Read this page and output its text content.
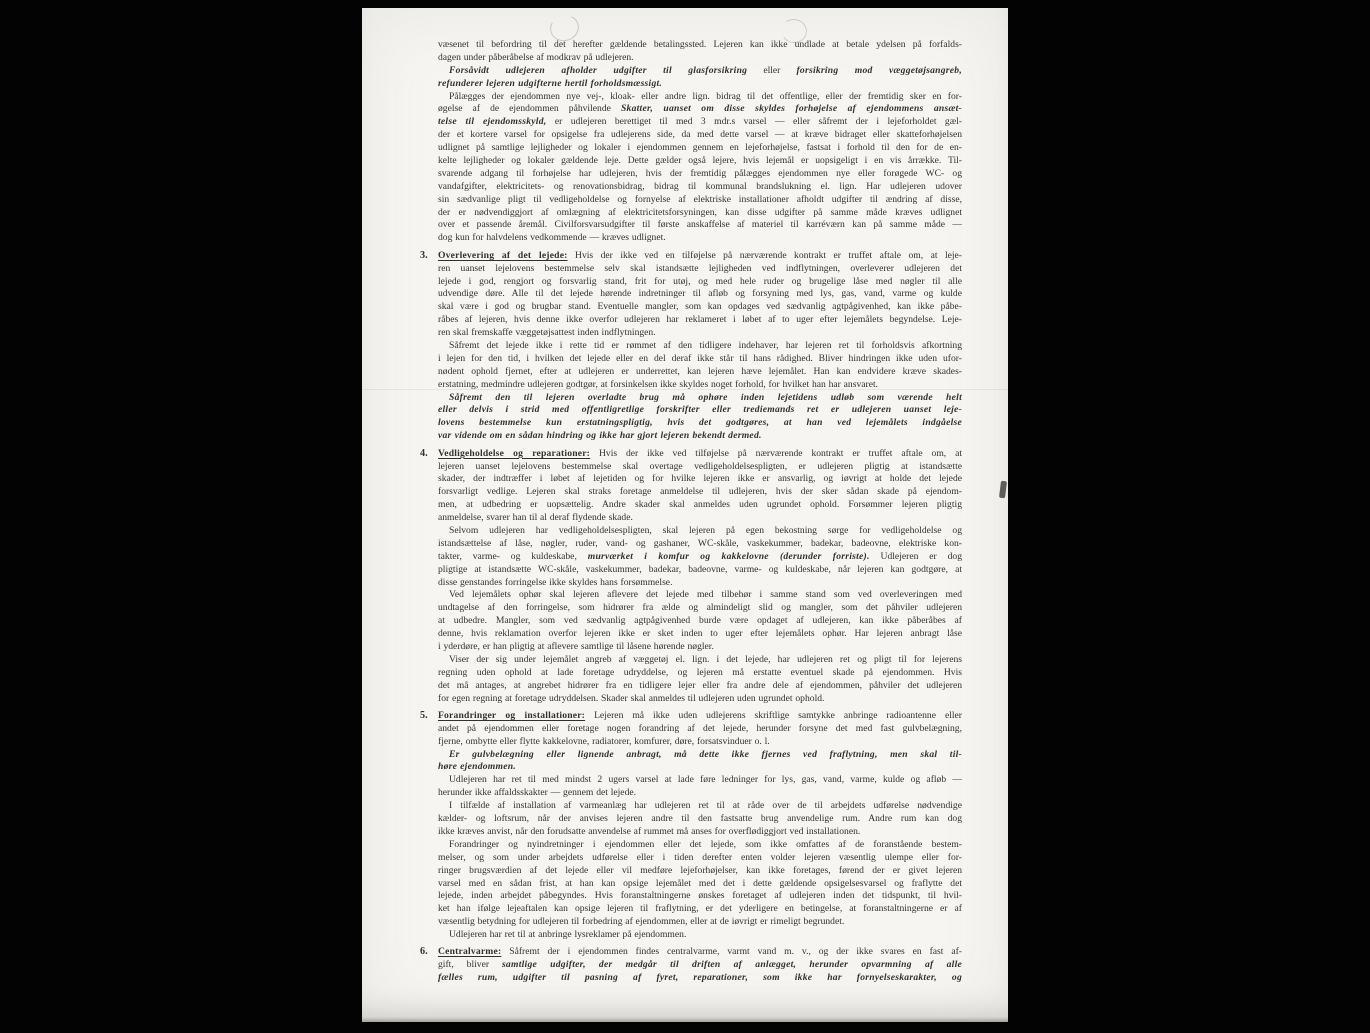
væsenet til befordring til det herefter gældende betalingssted. Lejeren kan ikke undlade at betale ydelsen på forfalds-
dagen under påberåbelse af modkrav på udlejeren.
Forsåvidt udlejeren afholder udgifter til glasforsikring eller forsikring mod væggetøjsangreb,
refunderer lejeren udgifterne hertil forholdsmæssigt.
Pålægges der ejendommen nye vej-, kloak- eller andre lign. bidrag til det offentlige, eller der fremtidig sker en for-
øgelse af de ejendommen påhvilende Skatter, uanset om disse skyldes forhøjelse af ejendommens ansæt-
telse til ejendomsskyld, er udlejeren berettiget til med 3 mdr.s varsel — eller såfremt der i lejeforholdet gæl-
der et kortere varsel for opsigelse fra udlejerens side, da med dette varsel — at kræve bidraget eller skatteforhøjelsen
udlignet på samtlige lejligheder og lokaler i ejendommen gennem en lejeforhøjelse, fastsat i forhold til den for de en-
kelte lejligheder og lokaler gældende leje. Dette gælder også lejere, hvis lejemål er uopsigeligt i en vis årrække. Til-
svarende adgang til forhøjelse har udlejeren, hvis der fremtidig pålægges ejendommen nye eller forøgede WC- og
vandafgifter, elektricitets- og renovationsbidrag, bidrag til kommunal brandslukning el. lign. Har udlejeren udover
sin sædvanlige pligt til vedligeholdelse og fornyelse af elektriske installationer afholdt udgifter til ændring af disse,
der er nødvendiggjort af omlægning af elektricitetsforsyningen, kan disse udgifter på samme måde kræves udlignet
over et passende åremål. Civilforsvarsudgifter til første anskaffelse af materiel til karréværn kan på samme måde —
dog kun for halvdelens vedkommende — kræves udlignet.
3. Overlevering af det lejede: Hvis der ikke ved en tilføjelse på nærværende kontrakt er truffet aftale om, at leje-
ren uanset lejelovens bestemmelse selv skal istandsætte lejligheden ved indflytningen, overleverer udlejeren det
lejede i god, rengjort og forsvarlig stand, frit for utøj, og med hele ruder og brugelige låse med nøgler til alle
udvendige døre. Alle til det lejede hørende indretninger til afløb og forsyning med lys, gas, vand, varme og kulde
skal være i god og brugbar stand. Eventuelle mangler, som kan opdages ved sædvanlig agtpågivenhed, kan ikke påbe-
råbes af lejeren, hvis denne ikke overfor udlejeren har reklameret i løbet af to uger efter lejemålets begyndelse. Leje-
ren skal fremskaffe væggetøjsattest inden indflytningen.
Såfremt det lejede ikke i rette tid er rømmet af den tidligere indehaver, har lejeren ret til forholdsvis afkortning
i lejen for den tid, i hvilken det lejede eller en del deraf ikke står til hans rådighed. Bliver hindringen ikke uden ufor-
nødent ophold fjernet, efter at udlejeren er underrettet, kan lejeren hæve lejemålet. Han kan endvidere kræve skades-
erstatning, medmindre udlejeren godtgør, at forsinkelsen ikke skyldes noget forhold, for hvilket han har ansvaret.
Såfremt den til lejeren overladte brug må ophøre inden lejetidens udløb som værende helt
eller delvis i strid med offentligretlige forskrifter eller trediemands ret er udlejeren uanset leje-
lovens bestemmelse kun erstatningspligtig, hvis det godtgøres, at han ved lejemålets indgåelse
var vidende om en sådan hindring og ikke har gjort lejeren bekendt dermed.
4. Vedligeholdelse og reparationer: Hvis der ikke ved tilføjelse på nærværende kontrakt er truffet aftale om, at
lejeren uanset lejelovens bestemmelse skal overtage vedligeholdelsespligten, er udlejeren pligtig at istandsætte
skader, der indtræffer i løbet af lejetiden og for hvilke lejeren ikke er ansvarlig, og iøvrigt at holde det lejede
forsvarligt vedlige. Lejeren skal straks foretage anmeldelse til udlejeren, hvis der sker sådan skade på ejendom-
men, at udbedring er uopsættelig. Andre skader skal anmeldes uden ugrundet ophold. Forsømmer lejeren pligtig
anmeldelse, svarer han til al deraf flydende skade.
Selvom udlejeren har vedligeholdelsespligten, skal lejeren på egen bekostning sørge for vedligeholdelse og
istandsættelse af låse, nøgler, ruder, vand- og gashaner, WC-skåle, vaskekummer, badekar, badeovne, elektriske kon-
takter, varme- og kuldeskabe, murværket i komfur og kakkelovne (derunder forriste). Udlejeren er dog
pligtige at istandsætte WC-skåle, vaskekummer, badekar, badeovne, varme- og kuldeskabe, når lejeren kan godtgøre, at
disse genstandes forringelse ikke skyldes hans forsømmelse.
Ved lejemålets ophør skal lejeren aflevere det lejede med tilbehør i samme stand som ved overleveringen med
undtagelse af den forringelse, som hidrører fra ælde og almindeligt slid og mangler, som det påhviler udlejeren
at udbedre. Mangler, som ved sædvanlig agtpågivenhed burde være opdaget af udlejeren, kan ikke påberåbes af
denne, hvis reklamation overfor lejeren ikke er sket inden to uger efter lejemålets ophør. Har lejeren anbragt låse
i yderdøre, er han pligtig at aflevere samtlige til låsene hørende nøgler.
Viser der sig under lejemålet angreb af væggetøj el. lign. i det lejede, har udlejeren ret og pligt til for lejerens
regning uden ophold at lade foretage udryddelse, og lejeren må erstatte eventuel skade på ejendommen. Hvis
det må antages, at angrebet hidrører fra en tidligere lejer eller fra andre dele af ejendommen, påhviler det udlejeren
for egen regning at foretage udryddelsen. Skader skal anmeldes til udlejeren uden ugrundet ophold.
5. Forandringer og installationer: Lejeren må ikke uden udlejerens skriftlige samtykke anbringe radioantenne eller
andet på ejendommen eller foretage nogen forandring af det lejede, herunder forsyne det med fast gulvbelægning,
fjerne, ombytte eller flytte kakkelovne, radiatorer, komfurer, døre, forsatsvinduer o. l.
Er gulvbelægning eller lignende anbragt, må dette ikke fjernes ved fraflytning, men skal til-
høre ejendommen.
Udlejeren har ret til med mindst 2 ugers varsel at lade føre ledninger for lys, gas, vand, varme, kulde og afløb —
herunder ikke affaldsskakter — gennem det lejede.
I tilfælde af installation af varmeanlæg har udlejeren ret til at råde over de til arbejdets udførelse nødvendige
kælder- og loftsrum, når der anvises lejeren andre til den fastsatte brug anvendelige rum. Andre rum kan dog
ikke kræves anvist, når den forudsatte anvendelse af rummet må anses for overflødiggjort ved installationen.
Forandringer og nyindretninger i ejendommen eller det lejede, som ikke omfattes af de foranstående bestem-
melser, og som under arbejdets udførelse eller i tiden derefter enten volder lejeren væsentlig ulempe eller for-
ringer brugsværdien af det lejede eller vil medføre lejeforhøjelser, kan ikke foretages, førend der er givet lejeren
varsel med en sådan frist, at han kan opsige lejemålet med det i dette gældende opsigelsesvarsel og fraflytte det
lejede, inden arbejdet påbegyndes. Hvis foranstaltningerne ønskes foretaget af udlejeren inden det tidspunkt, til hvil-
ket han ifølge lejeaftalen kan opsige lejeren til fraflytning, er det yderligere en betingelse, at foranstaltningerne er af
væsentlig betydning for udlejeren til forbedring af ejendommen, eller at de iøvrigt er rimeligt begrundet.
Udlejeren har ret til at anbringe lysreklamer på ejendommen.
6. Centralvarme: Såfremt der i ejendommen findes centralvarme, varmt vand m. v., og der ikke svares en fast af-
gift, bliver samtlige udgifter, der medgår til driften af anlægget, herunder opvarmning af alle
fælles rum, udgifter til pasning af fyret, reparationer, som ikke har fornyelseskarakter, og
